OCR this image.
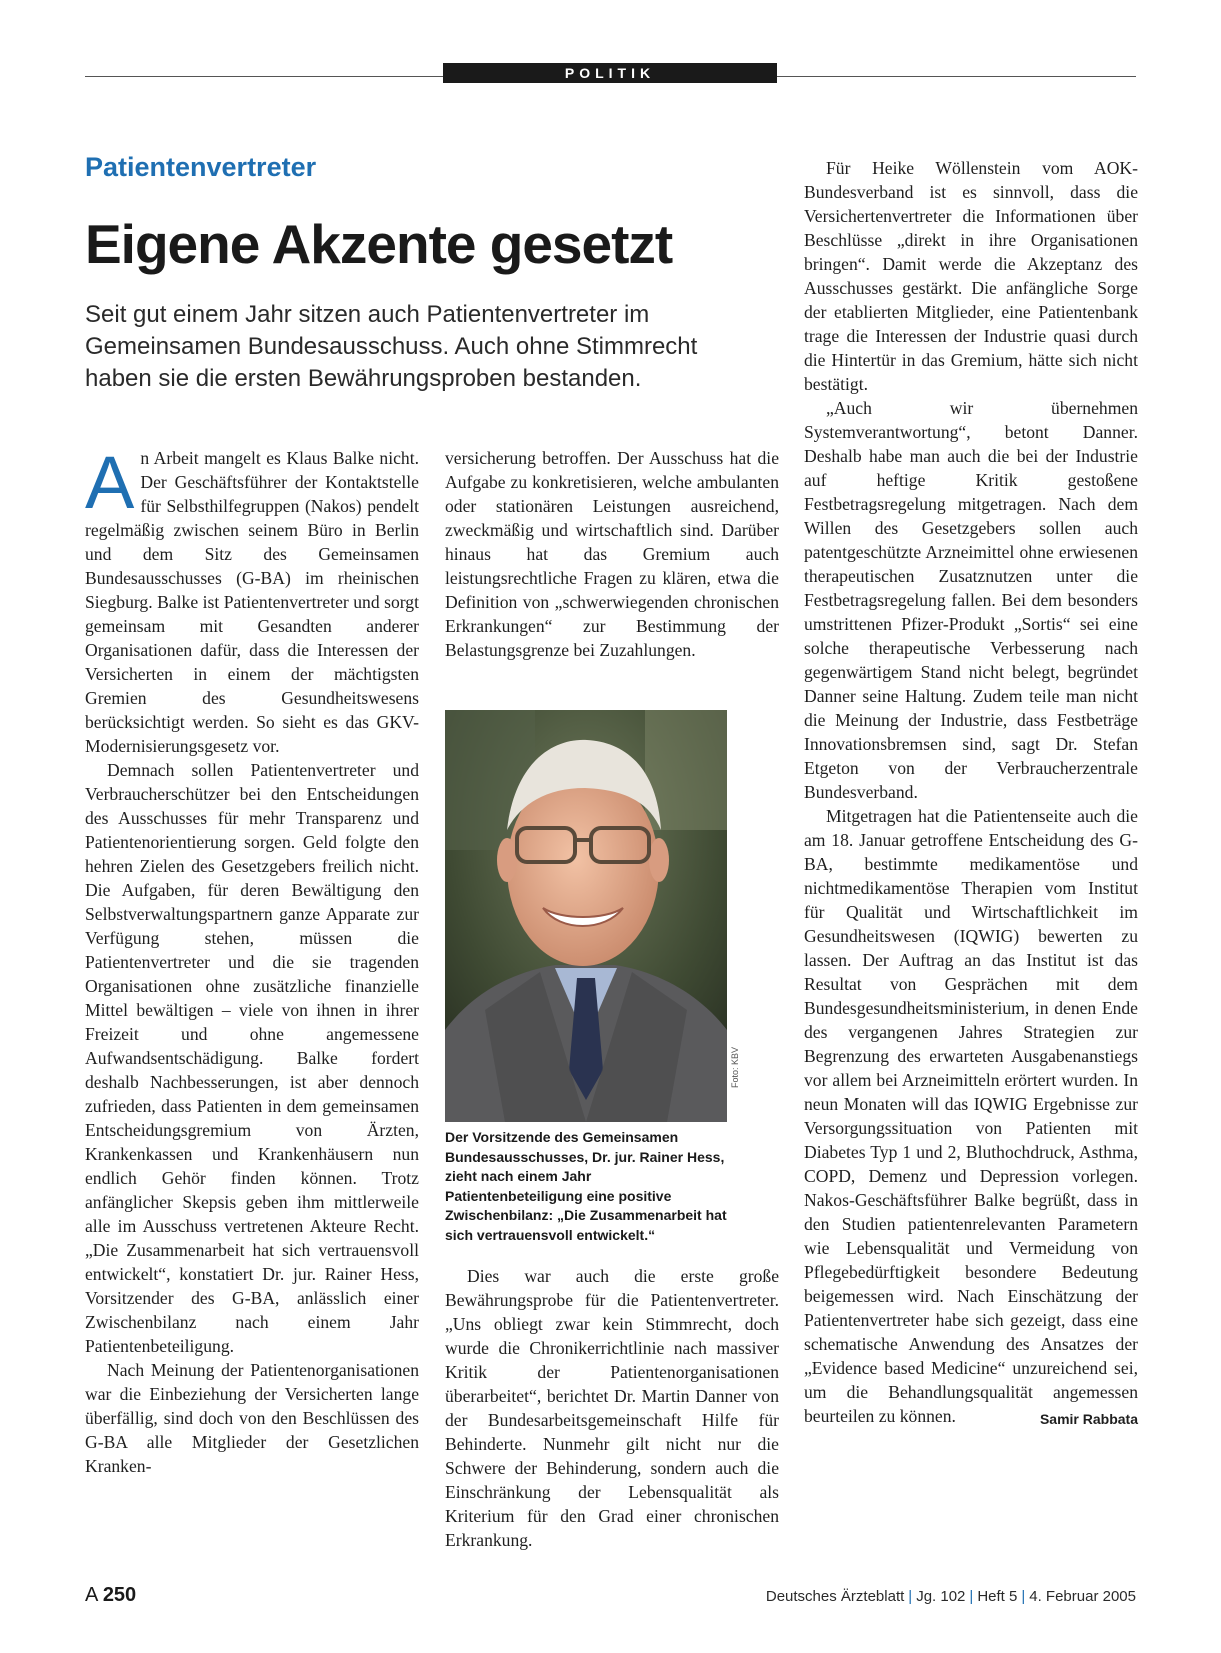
POLITIK
Patientenvertreter
Eigene Akzente gesetzt
Seit gut einem Jahr sitzen auch Patientenvertreter im Gemeinsamen Bundesausschuss. Auch ohne Stimmrecht haben sie die ersten Bewährungsproben bestanden.

An Arbeit mangelt es Klaus Balke nicht. Der Geschäftsführer der Kontaktstelle für Selbsthilfegruppen (Nakos) pendelt regelmäßig zwischen seinem Büro in Berlin und dem Sitz des Gemeinsamen Bundesausschusses (G-BA) im rheinischen Siegburg. Balke ist Patientenvertreter und sorgt gemeinsam mit Gesandten anderer Organisationen dafür, dass die Interessen der Versicherten in einem der mächtigsten Gremien des Gesundheitswesens berücksichtigt werden. So sieht es das GKV-Modernisierungsgesetz vor.

Demnach sollen Patientenvertreter und Verbraucherschützer bei den Entscheidungen des Ausschusses für mehr Transparenz und Patientenorientierung sorgen. Geld folgte den hehren Zielen des Gesetzgebers freilich nicht. Die Aufgaben, für deren Bewältigung den Selbstverwaltungspartnern ganze Apparate zur Verfügung stehen, müssen die Patientenvertreter und die sie tragenden Organisationen ohne zusätzliche finanzielle Mittel bewältigen – viele von ihnen in ihrer Freizeit und ohne angemessene Aufwandsentschädigung. Balke fordert deshalb Nachbesserungen, ist aber dennoch zufrieden, dass Patienten in dem gemeinsamen Entscheidungsgremium von Ärzten, Krankenkassen und Krankenhäusern nun endlich Gehör finden können. Trotz anfänglicher Skepsis geben ihm mittlerweile alle im Ausschuss vertretenen Akteure Recht. „Die Zusammenarbeit hat sich vertrauensvoll entwickelt“, konstatiert Dr. jur. Rainer Hess, Vorsitzender des G-BA, anlässlich einer Zwischenbilanz nach einem Jahr Patientenbeteiligung.

Nach Meinung der Patientenorganisationen war die Einbeziehung der Versicherten lange überfällig, sind doch von den Beschlüssen des G-BA alle Mitglieder der Gesetzlichen Kranken-

versicherung betroffen. Der Ausschuss hat die Aufgabe zu konkretisieren, welche ambulanten oder stationären Leistungen ausreichend, zweckmäßig und wirtschaftlich sind. Darüber hinaus hat das Gremium auch leistungsrechtliche Fragen zu klären, etwa die Definition von „schwerwiegenden chronischen Erkrankungen“ zur Bestimmung der Belastungsgrenze bei Zuzahlungen.

Foto: KBV
Der Vorsitzende des Gemeinsamen Bundesausschusses, Dr. jur. Rainer Hess, zieht nach einem Jahr Patientenbeteiligung eine positive Zwischenbilanz: „Die Zusammenarbeit hat sich vertrauensvoll entwickelt.“

Dies war auch die erste große Bewährungsprobe für die Patientenvertreter. „Uns obliegt zwar kein Stimmrecht, doch wurde die Chronikerrichtlinie nach massiver Kritik der Patientenorganisationen überarbeitet“, berichtet Dr. Martin Danner von der Bundesarbeitsgemeinschaft Hilfe für Behinderte. Nunmehr gilt nicht nur die Schwere der Behinderung, sondern auch die Einschränkung der Lebensqualität als Kriterium für den Grad einer chronischen Erkrankung.

Für Heike Wöllenstein vom AOK-Bundesverband ist es sinnvoll, dass die Versichertenvertreter die Informationen über Beschlüsse „direkt in ihre Organisationen bringen“. Damit werde die Akzeptanz des Ausschusses gestärkt. Die anfängliche Sorge der etablierten Mitglieder, eine Patientenbank trage die Interessen der Industrie quasi durch die Hintertür in das Gremium, hätte sich nicht bestätigt.

„Auch wir übernehmen Systemverantwortung“, betont Danner. Deshalb habe man auch die bei der Industrie auf heftige Kritik gestoßene Festbetragsregelung mitgetragen. Nach dem Willen des Gesetzgebers sollen auch patentgeschützte Arzneimittel ohne erwiesenen therapeutischen Zusatznutzen unter die Festbetragsregelung fallen. Bei dem besonders umstrittenen Pfizer-Produkt „Sortis“ sei eine solche therapeutische Verbesserung nach gegenwärtigem Stand nicht belegt, begründet Danner seine Haltung. Zudem teile man nicht die Meinung der Industrie, dass Festbeträge Innovationsbremsen sind, sagt Dr. Stefan Etgeton von der Verbraucherzentrale Bundesverband.

Mitgetragen hat die Patientenseite auch die am 18. Januar getroffene Entscheidung des G-BA, bestimmte medikamentöse und nichtmedikamentöse Therapien vom Institut für Qualität und Wirtschaftlichkeit im Gesundheitswesen (IQWIG) bewerten zu lassen. Der Auftrag an das Institut ist das Resultat von Gesprächen mit dem Bundesgesundheitsministerium, in denen Ende des vergangenen Jahres Strategien zur Begrenzung des erwarteten Ausgabenanstiegs vor allem bei Arzneimitteln erörtert wurden. In neun Monaten will das IQWIG Ergebnisse zur Versorgungssituation von Patienten mit Diabetes Typ 1 und 2, Bluthochdruck, Asthma, COPD, Demenz und Depression vorlegen. Nakos-Geschäftsführer Balke begrüßt, dass in den Studien patientenrelevanten Parametern wie Lebensqualität und Vermeidung von Pflegebedürftigkeit besondere Bedeutung beigemessen wird. Nach Einschätzung der Patientenvertreter habe sich gezeigt, dass eine schematische Anwendung des Ansatzes der „Evidence based Medicine“ unzureichend sei, um die Behandlungsqualität angemessen beurteilen zu können.	Samir Rabbata

A 250	Deutsches Ärzteblatt | Jg. 102 | Heft 5 | 4. Februar 2005
